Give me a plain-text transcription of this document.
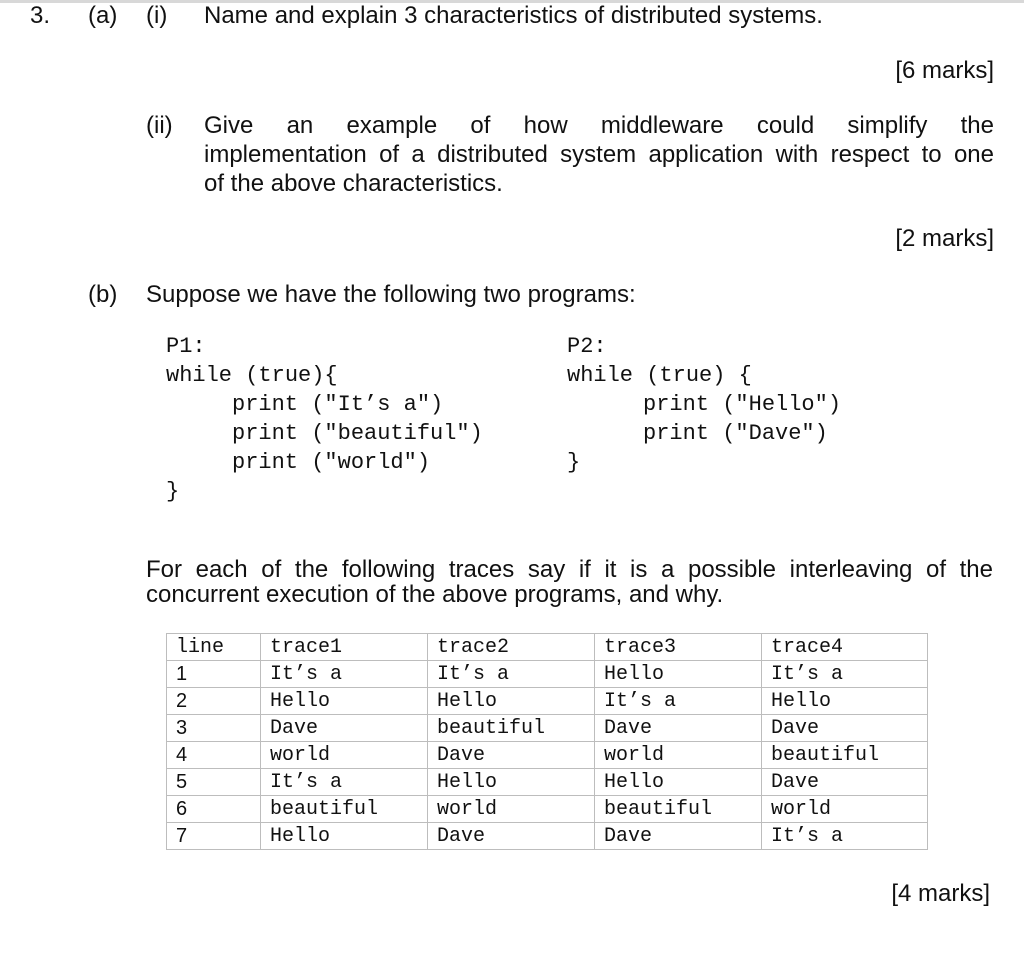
3. (a) (i) Name and explain 3 characteristics of distributed systems.
[6 marks]
(ii) Give an example of how middleware could simplify the
implementation of a distributed system application with respect to one
of the above characteristics.
[2 marks]
(b) Suppose we have the following two programs:
P1:
while (true){
print ("It’s a")
print ("beautiful")
print ("world")
}
P2:
while (true) {
print ("Hello")
print ("Dave")
}
For each of the following traces say if it is a possible interleaving of the
concurrent execution of the above programs, and why.
line	trace1	trace2	trace3	trace4
1	It’s a	It’s a	Hello	It’s a
2	Hello	Hello	It’s a	Hello
3	Dave	beautiful	Dave	Dave
4	world	Dave	world	beautiful
5	It’s a	Hello	Hello	Dave
6	beautiful	world	beautiful	world
7	Hello	Dave	Dave	It’s a
[4 marks]
